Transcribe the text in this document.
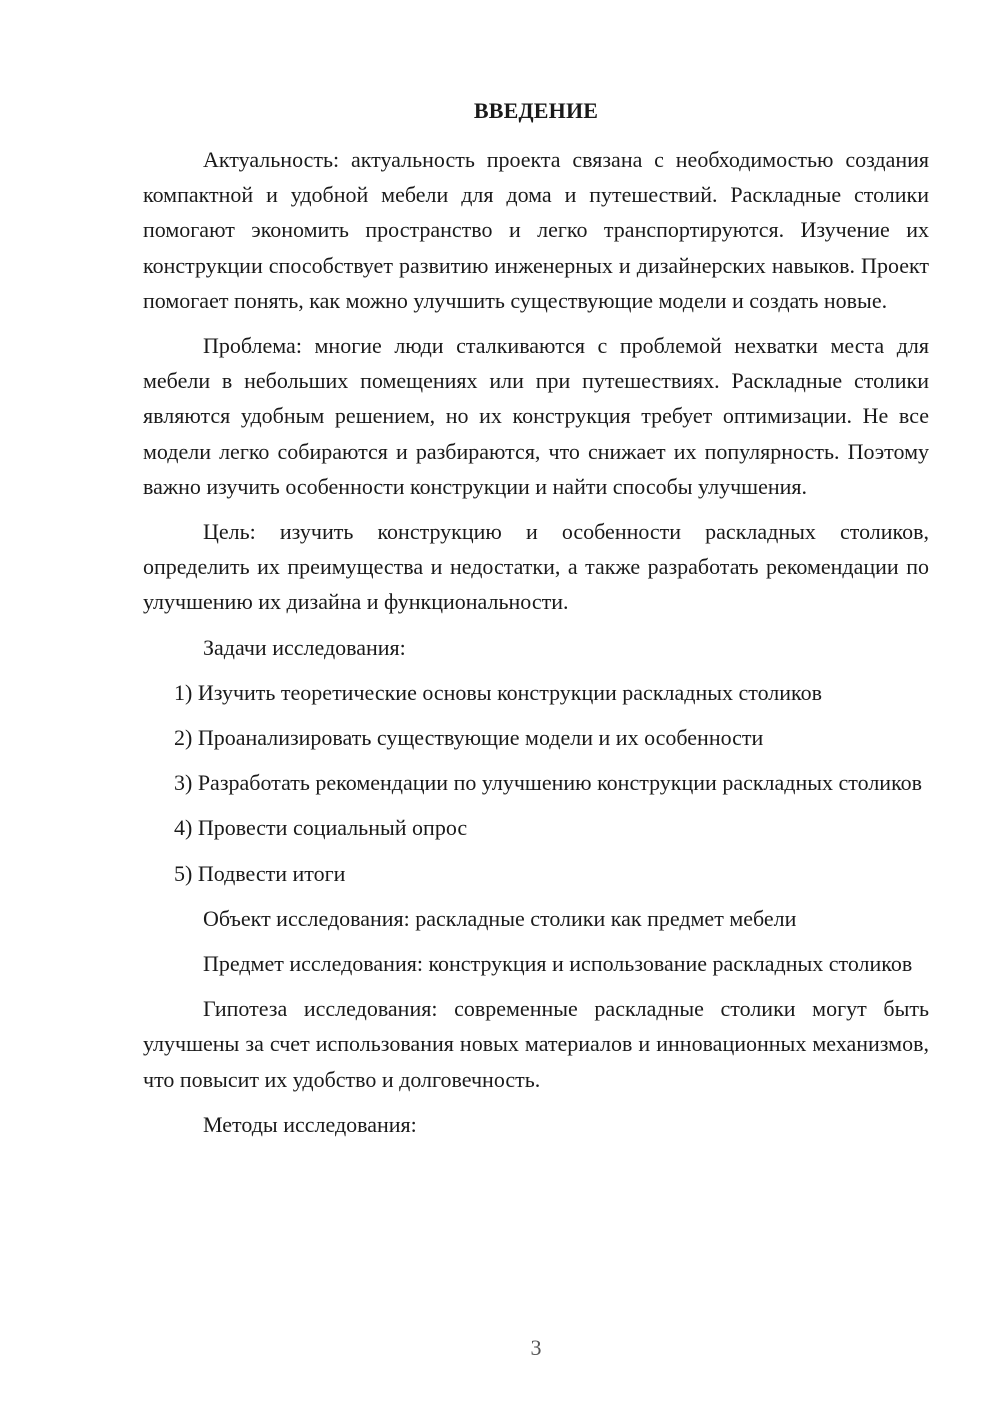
ВВЕДЕНИЕ

Актуальность: актуальность проекта связана с необходимостью создания компактной и удобной мебели для дома и путешествий. Раскладные столики помогают экономить пространство и легко транспортируются. Изучение их конструкции способствует развитию инженерных и дизайнерских навыков. Проект помогает понять, как можно улучшить существующие модели и создать новые.

Проблема: многие люди сталкиваются с проблемой нехватки места для мебели в небольших помещениях или при путешествиях. Раскладные столики являются удобным решением, но их конструкция требует оптимизации. Не все модели легко собираются и разбираются, что снижает их популярность. Поэтому важно изучить особенности конструкции и найти способы улучшения.

Цель: изучить конструкцию и особенности раскладных столиков, определить их преимущества и недостатки, а также разработать рекомендации по улучшению их дизайна и функциональности.

Задачи исследования:

1) Изучить теоретические основы конструкции раскладных столиков

2) Проанализировать существующие модели и их особенности

3) Разработать рекомендации по улучшению конструкции раскладных столиков

4) Провести социальный опрос

5) Подвести итоги

Объект исследования: раскладные столики как предмет мебели

Предмет исследования: конструкция и использование раскладных столиков

Гипотеза исследования: современные раскладные столики могут быть улучшены за счет использования новых материалов и инновационных механизмов, что повысит их удобство и долговечность.

Методы исследования:

3
